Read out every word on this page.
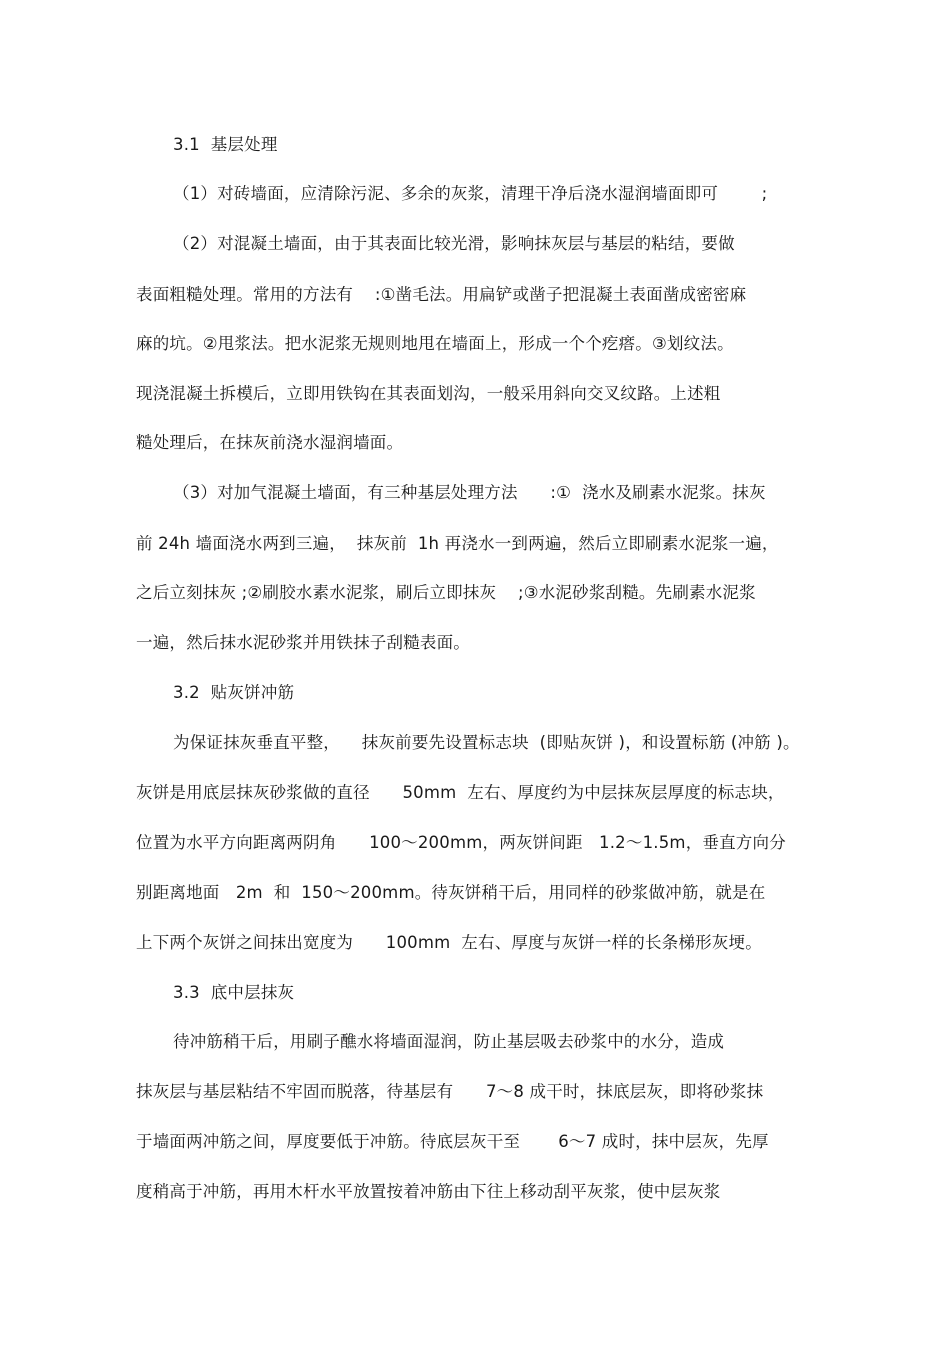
3.1  基层处理
（1）对砖墙面，应清除污泥、多余的灰浆，清理干净后浇水湿润墙面即可        ;
（2）对混凝土墙面，由于其表面比较光滑，影响抹灰层与基层的粘结，要做
表面粗糙处理。常用的方法有    :①凿毛法。用扁铲或凿子把混凝土表面凿成密密麻
麻的坑。②甩浆法。把水泥浆无规则地甩在墙面上，形成一个个疙瘩。③划纹法。
现浇混凝土拆模后，立即用铁钩在其表面划沟，一般采用斜向交叉纹路。上述粗
糙处理后，在抹灰前浇水湿润墙面。
（3）对加气混凝土墙面，有三种基层处理方法      :①  浇水及刷素水泥浆。抹灰
前 24h 墙面浇水两到三遍，  抹灰前  1h 再浇水一到两遍，然后立即刷素水泥浆一遍，
之后立刻抹灰 ;②刷胶水素水泥浆，刷后立即抹灰    ;③水泥砂浆刮糙。先刷素水泥浆
一遍，然后抹水泥砂浆并用铁抹子刮糙表面。
3.2  贴灰饼冲筋
为保证抹灰垂直平整，    抹灰前要先设置标志块  (即贴灰饼 )，和设置标筋 (冲筋 )。
灰饼是用底层抹灰砂浆做的直径      50mm  左右、厚度约为中层抹灰层厚度的标志块，
位置为水平方向距离两阴角      100～200mm，两灰饼间距   1.2～1.5m，垂直方向分
别距离地面   2m  和  150～200mm。待灰饼稍干后，用同样的砂浆做冲筋，就是在
上下两个灰饼之间抹出宽度为      100mm  左右、厚度与灰饼一样的长条梯形灰埂。
3.3  底中层抹灰
待冲筋稍干后，用刷子醮水将墙面湿润，防止基层吸去砂浆中的水分，造成
抹灰层与基层粘结不牢固而脱落，待基层有      7～8 成干时，抹底层灰，即将砂浆抹
于墙面两冲筋之间，厚度要低于冲筋。待底层灰干至       6～7 成时，抹中层灰，先厚
度稍高于冲筋，再用木杆水平放置按着冲筋由下往上移动刮平灰浆，使中层灰浆
